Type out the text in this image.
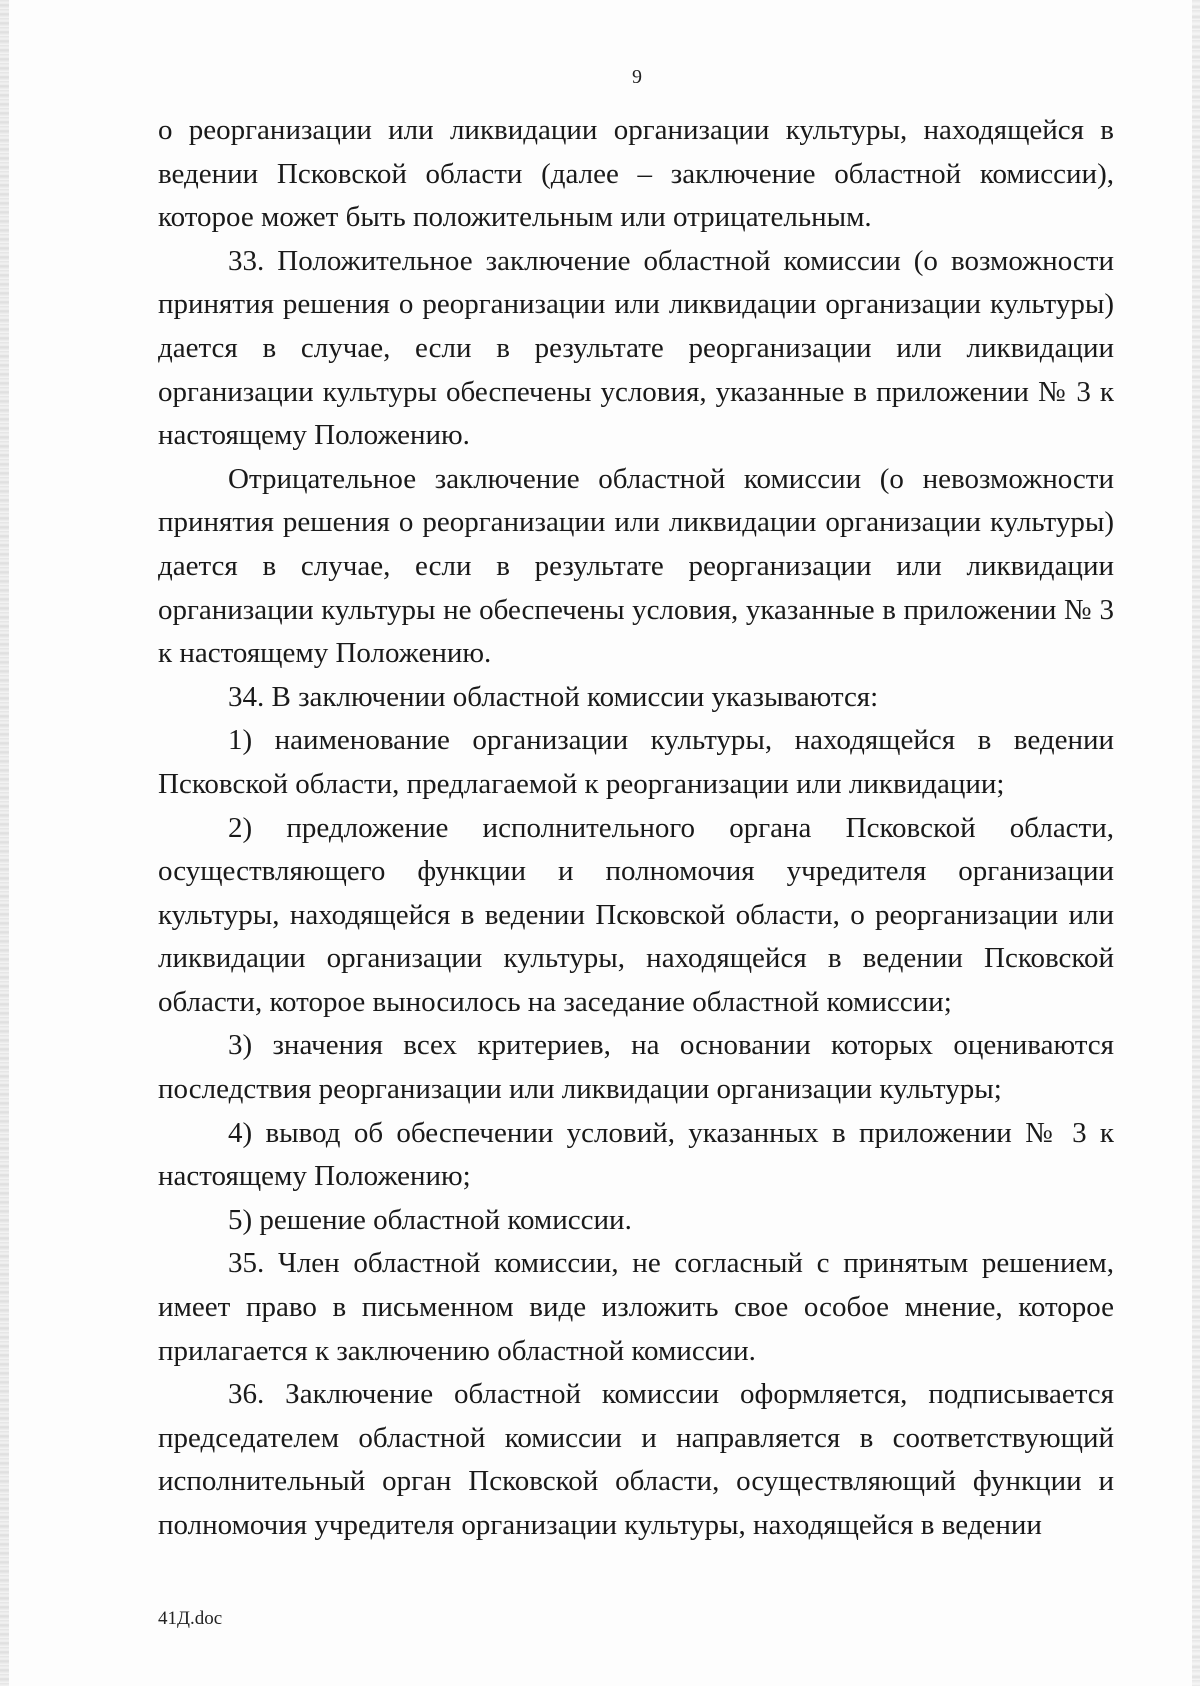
9

о реорганизации или ликвидации организации культуры, находящейся в ведении Псковской области (далее – заключение областной комиссии), которое может быть положительным или отрицательным.

33. Положительное заключение областной комиссии (о возможности принятия решения о реорганизации или ликвидации организации культуры) дается в случае, если в результате реорганизации или ликвидации организации культуры обеспечены условия, указанные в приложении № 3 к настоящему Положению.

Отрицательное заключение областной комиссии (о невозможности принятия решения о реорганизации или ликвидации организации культуры) дается в случае, если в результате реорганизации или ликвидации организации культуры не обеспечены условия, указанные в приложении № 3 к настоящему Положению.

34. В заключении областной комиссии указываются:

1) наименование организации культуры, находящейся в ведении Псковской области, предлагаемой к реорганизации или ликвидации;

2) предложение исполнительного органа Псковской области, осуществляющего функции и полномочия учредителя организации культуры, находящейся в ведении Псковской области, о реорганизации или ликвидации организации культуры, находящейся в ведении Псковской области, которое выносилось на заседание областной комиссии;

3) значения всех критериев, на основании которых оцениваются последствия реорганизации или ликвидации организации культуры;

4) вывод об обеспечении условий, указанных в приложении № 3 к настоящему Положению;

5) решение областной комиссии.

35. Член областной комиссии, не согласный с принятым решением, имеет право в письменном виде изложить свое особое мнение, которое прилагается к заключению областной комиссии.

36. Заключение областной комиссии оформляется, подписывается председателем областной комиссии и направляется в соответствующий исполнительный орган Псковской области, осуществляющий функции и полномочия учредителя организации культуры, находящейся в ведении

41Д.doc
